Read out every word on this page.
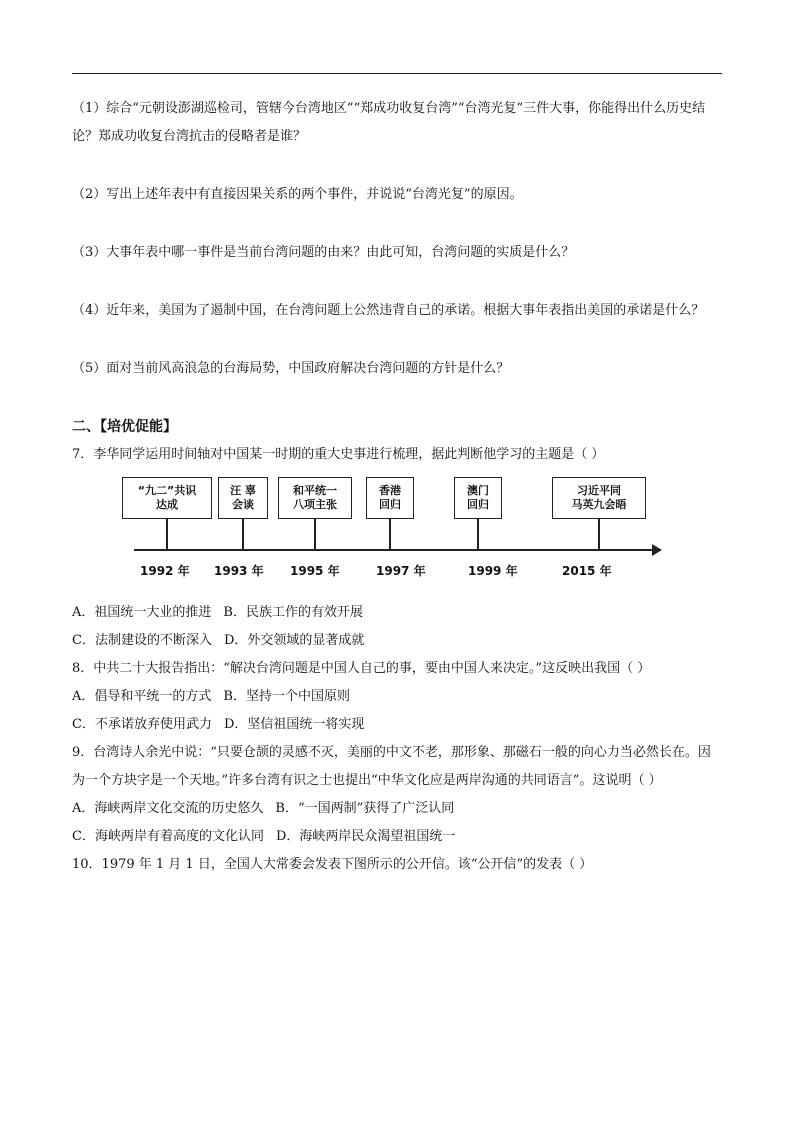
（1）综合“元朝设澎湖巡检司，管辖今台湾地区”“郑成功收复台湾”“台湾光复”三件大事，你能得出什么历史结论？郑成功收复台湾抗击的侵略者是谁？

（2）写出上述年表中有直接因果关系的两个事件，并说说“台湾光复”的原因。

（3）大事年表中哪一事件是当前台湾问题的由来？由此可知，台湾问题的实质是什么？

（4）近年来，美国为了遏制中国，在台湾问题上公然违背自己的承诺。根据大事年表指出美国的承诺是什么？

（5）面对当前风高浪急的台海局势，中国政府解决台湾问题的方针是什么？

二、【培优促能】

7．李华同学运用时间轴对中国某一时期的重大史事进行梳理，据此判断他学习的主题是（ ）

“九二”共识
达成
汪 辜
会谈
和平统一
八项主张
香港
回归
澳门
回归
习近平同
马英九会晤
1992 年 1993 年 1995 年	1997 年	1999 年	2015 年
A．祖国统一大业的推进 B．民族工作的有效开展
C．法制建设的不断深入 D．外交领域的显著成就

8．中共二十大报告指出：“解决台湾问题是中国人自己的事，要由中国人来决定。”这反映出我国（ ）

A．倡导和平统一的方式 B．坚持一个中国原则
C．不承诺放弃使用武力 D．坚信祖国统一将实现

9．台湾诗人余光中说：“只要仓颉的灵感不灭，美丽的中文不老，那形象、那磁石一般的向心力当必然长在。因为一个方块字是一个天地。”许多台湾有识之士也提出“中华文化应是两岸沟通的共同语言”。这说明（ ）

A．海峡两岸文化交流的历史悠久 B．“一国两制”获得了广泛认同
C．海峡两岸有着高度的文化认同 D．海峡两岸民众渴望祖国统一

10．1979 年 1 月 1 日，全国人大常委会发表下图所示的公开信。该“公开信”的发表（ ）
